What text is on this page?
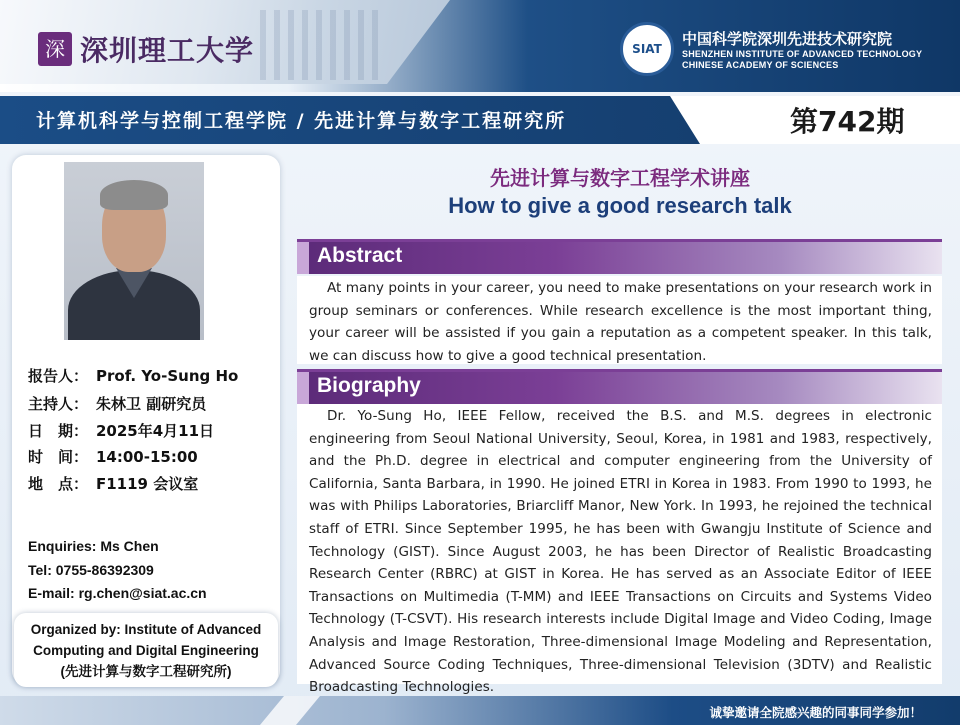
深 深圳理工大学	SIAT
中国科学院深圳先进技术研究院
SHENZHEN INSTITUTE OF ADVANCED TECHNOLOGY
CHINESE ACADEMY OF SCIENCES
计算机科学与控制工程学院 / 先进计算与数字工程研究所	第742期
报告人： Prof. Yo-Sung Ho
主持人： 朱林卫 副研究员
日　期： 2025年4月11日
时　间： 14:00-15:00
地　点： F1119 会议室
Enquiries: Ms Chen
Tel: 0755-86392309
E-mail: rg.chen@siat.ac.cn
Organized by: Institute of Advanced
Computing and Digital Engineering
(先进计算与数字工程研究所)
先进计算与数字工程学术讲座
How to give a good research talk
Abstract
At many points in your career, you need to make presentations on your research work in group seminars or conferences. While research excellence is the most important thing, your career will be assisted if you gain a reputation as a competent speaker. In this talk, we can discuss how to give a good technical presentation.
Biography
Dr. Yo-Sung Ho, IEEE Fellow, received the B.S. and M.S. degrees in electronic engineering from Seoul National University, Seoul, Korea, in 1981 and 1983, respectively, and the Ph.D. degree in electrical and computer engineering from the University of California, Santa Barbara, in 1990. He joined ETRI in Korea in 1983. From 1990 to 1993, he was with Philips Laboratories, Briarcliff Manor, New York. In 1993, he rejoined the technical staff of ETRI. Since September 1995, he has been with Gwangju Institute of Science and Technology (GIST). Since August 2003, he has been Director of Realistic Broadcasting Research Center (RBRC) at GIST in Korea. He has served as an Associate Editor of IEEE Transactions on Multimedia (T-MM) and IEEE Transactions on Circuits and Systems Video Technology (T-CSVT). His research interests include Digital Image and Video Coding, Image Analysis and Image Restoration, Three-dimensional Image Modeling and Representation, Advanced Source Coding Techniques, Three-dimensional Television (3DTV) and Realistic Broadcasting Technologies.
诚挚邀请全院感兴趣的同事同学参加！
